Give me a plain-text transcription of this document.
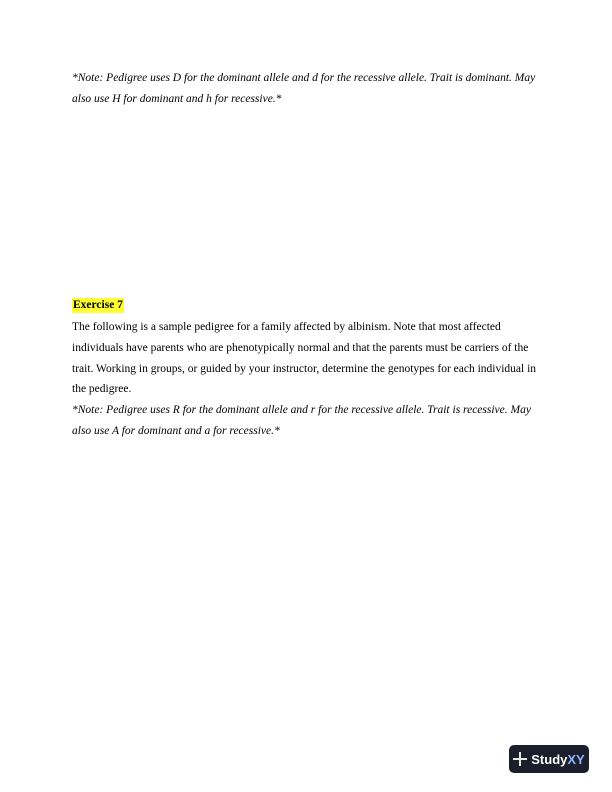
*Note: Pedigree uses D for the dominant allele and d for the recessive allele. Trait is dominant. May also use H for dominant and h for recessive.*
Exercise 7

The following is a sample pedigree for a family affected by albinism. Note that most affected individuals have parents who are phenotypically normal and that the parents must be carriers of the trait. Working in groups, or guided by your instructor, determine the genotypes for each individual in the pedigree.

*Note: Pedigree uses R for the dominant allele and r for the recessive allele. Trait is recessive. May also use A for dominant and a for recessive.*

StudyXY
